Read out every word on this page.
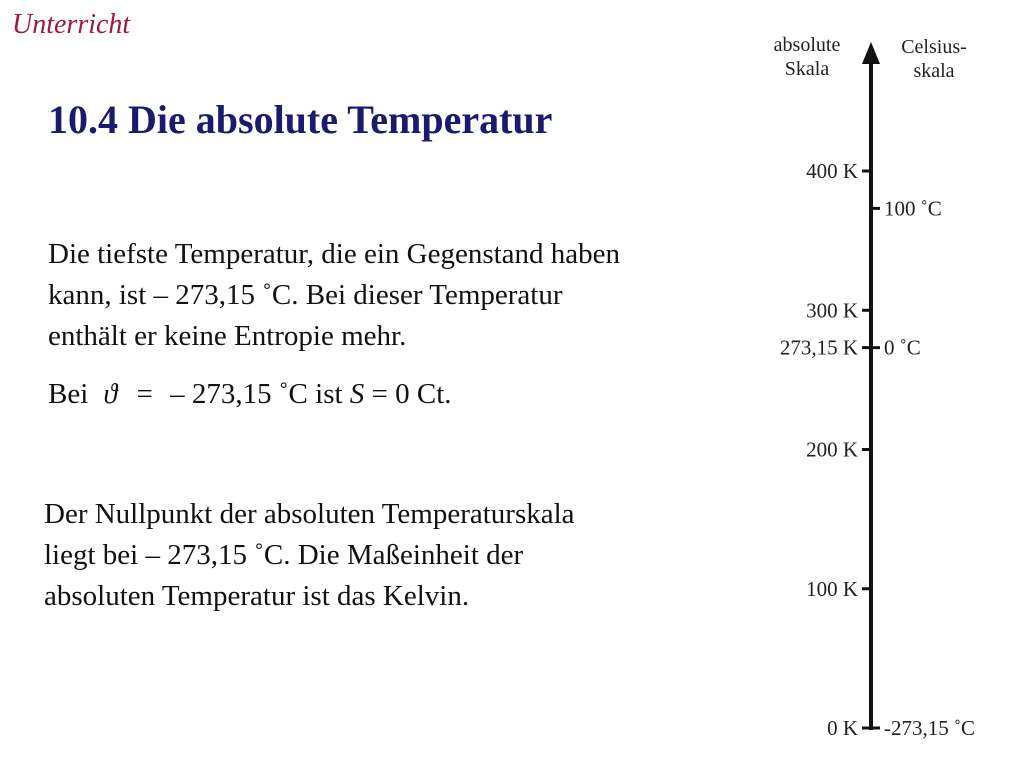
Unterricht
10.4 Die absolute Temperatur
Die tiefste Temperatur, die ein Gegenstand haben
kann, ist – 273,15 ˚C. Bei dieser Temperatur
enthält er keine Entropie mehr.
Bei ϑ = – 273,15 ˚C ist S = 0 Ct.
Der Nullpunkt der absoluten Temperaturskala
liegt bei – 273,15 ˚C. Die Maßeinheit der
absoluten Temperatur ist das Kelvin.
absolute
Skala
Celsius-
skala
400 K
300 K
273,15 K
200 K
100 K
0 K
100 ˚C
0 ˚C
-273,15 ˚C
